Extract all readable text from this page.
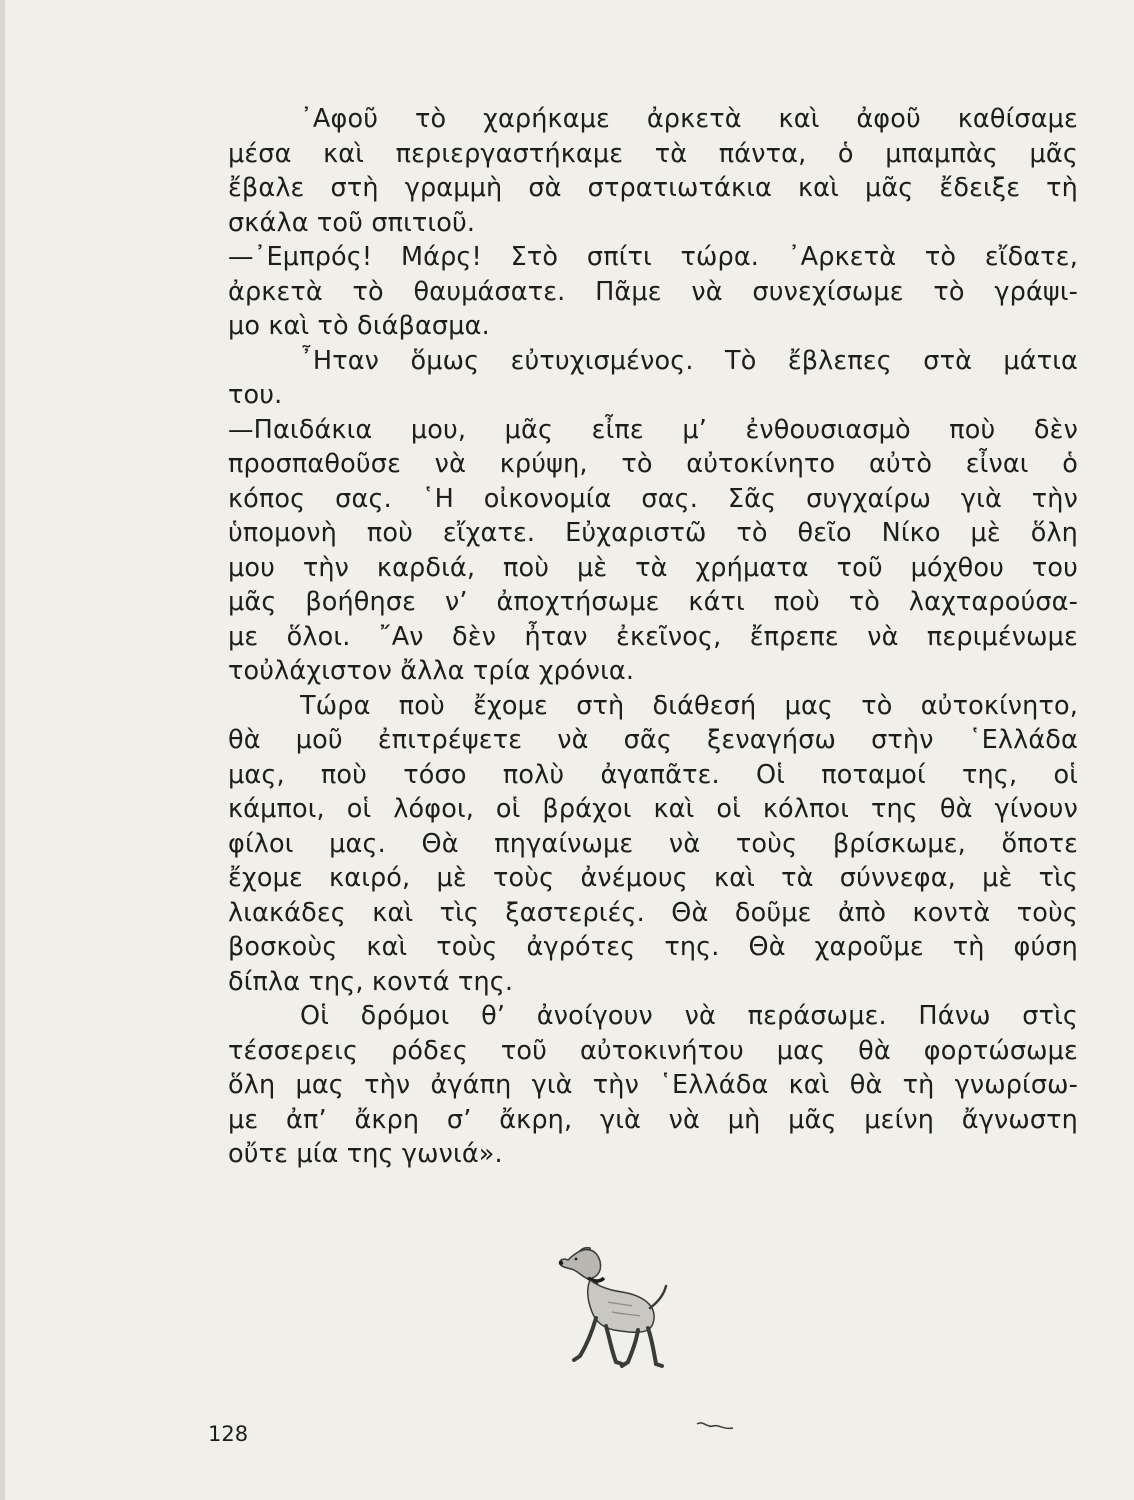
᾿Αφοῦ τὸ χαρήκαμε ἀρκετὰ καὶ ἀφοῦ καθίσαμε
μέσα καὶ περιεργαστήκαμε τὰ πάντα, ὁ μπαμπὰς μᾶς
ἔβαλε στὴ γραμμὴ σὰ στρατιωτάκια καὶ μᾶς ἔδειξε τὴ
σκάλα τοῦ σπιτιοῦ.
—᾿Εμπρός! Μάρς! Στὸ σπίτι τώρα. ᾿Αρκετὰ τὸ εἴδατε,
ἀρκετὰ τὸ θαυμάσατε. Πᾶμε νὰ συνεχίσωμε τὸ γράψι-
μο καὶ τὸ διάβασμα.
῏Ηταν ὅμως εὐτυχισμένος. Τὸ ἔβλεπες στὰ μάτια
του.
—Παιδάκια μου, μᾶς εἶπε μ’ ἐνθουσιασμὸ ποὺ δὲν
προσπαθοῦσε νὰ κρύψη, τὸ αὐτοκίνητο αὐτὸ εἶναι ὁ
κόπος σας. ῾Η οἰκονομία σας. Σᾶς συγχαίρω γιὰ τὴν
ὑπομονὴ ποὺ εἴχατε. Εὐχαριστῶ τὸ θεῖο Νίκο μὲ ὅλη
μου τὴν καρδιά, ποὺ μὲ τὰ χρήματα τοῦ μόχθου του
μᾶς βοήθησε ν’ ἀποχτήσωμε κάτι ποὺ τὸ λαχταρούσα-
με ὅλοι. ῎Αν δὲν ἦταν ἐκεῖνος, ἔπρεπε νὰ περιμένωμε
τοὐλάχιστον ἄλλα τρία χρόνια.
Τώρα ποὺ ἔχομε στὴ διάθεσή μας τὸ αὐτοκίνητο,
θὰ μοῦ ἐπιτρέψετε νὰ σᾶς ξεναγήσω στὴν ῾Ελλάδα
μας, ποὺ τόσο πολὺ ἀγαπᾶτε. Οἱ ποταμοί της, οἱ
κάμποι, οἱ λόφοι, οἱ βράχοι καὶ οἱ κόλποι της θὰ γίνουν
φίλοι μας. Θὰ πηγαίνωμε νὰ τοὺς βρίσκωμε, ὅποτε
ἔχομε καιρό, μὲ τοὺς ἀνέμους καὶ τὰ σύννεφα, μὲ τὶς
λιακάδες καὶ τὶς ξαστεριές. Θὰ δοῦμε ἀπὸ κοντὰ τοὺς
βοσκοὺς καὶ τοὺς ἀγρότες της. Θὰ χαροῦμε τὴ φύση
δίπλα της, κοντά της.
Οἱ δρόμοι θ’ ἀνοίγουν νὰ περάσωμε. Πάνω στὶς
τέσσερεις ρόδες τοῦ αὐτοκινήτου μας θὰ φορτώσωμε
ὅλη μας τὴν ἀγάπη γιὰ τὴν ῾Ελλάδα καὶ θὰ τὴ γνωρίσω-
με ἀπ’ ἄκρη σ’ ἄκρη, γιὰ νὰ μὴ μᾶς μείνη ἄγνωστη
οὔτε μία της γωνιά».
128
